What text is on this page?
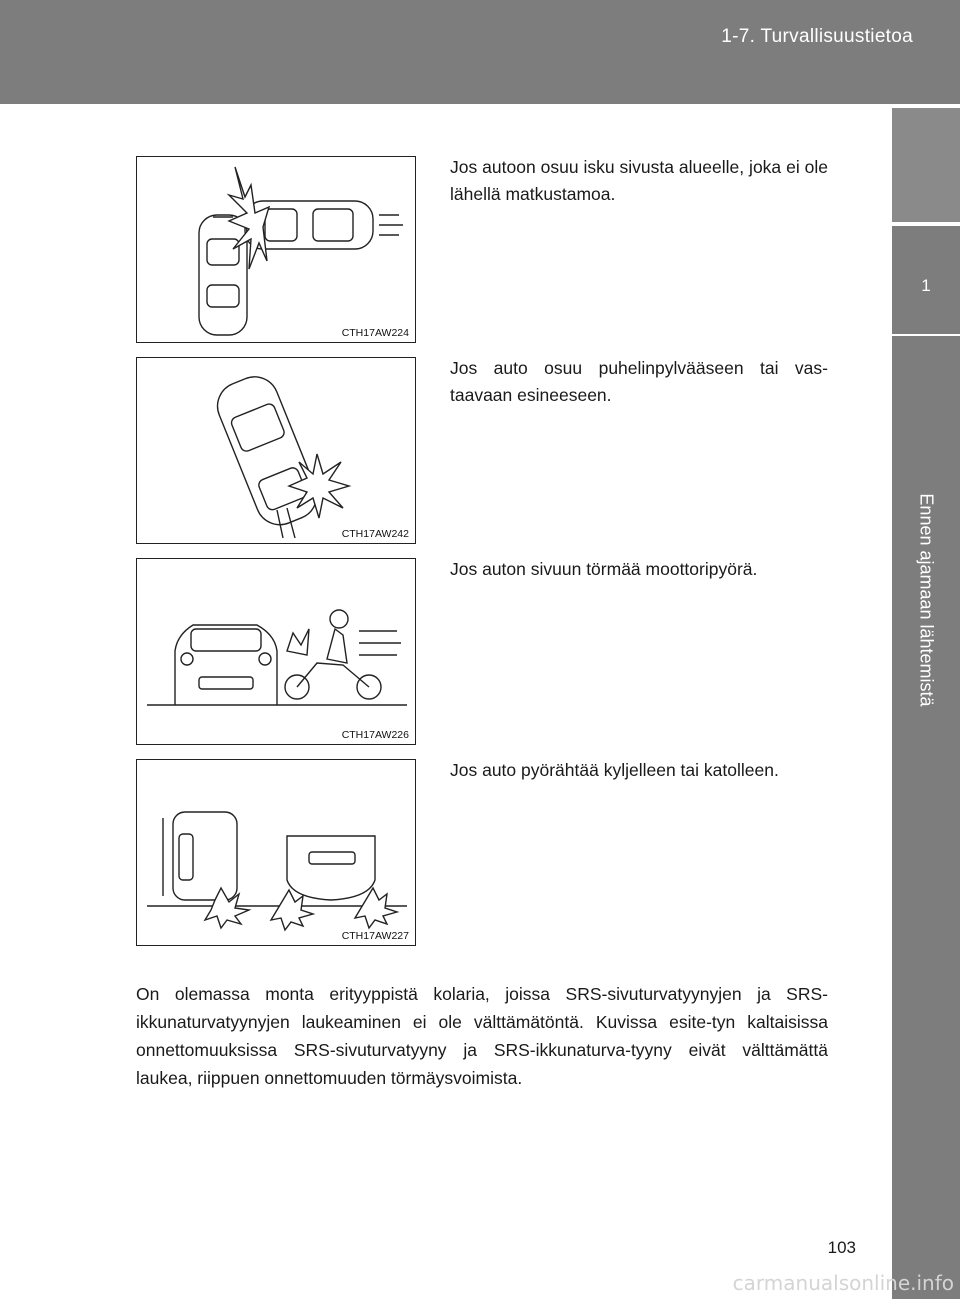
1-7. Turvallisuustietoa
1
Ennen ajamaan lähtemistä
CTH17AW224
Jos autoon osuu isku sivusta alueelle, joka ei ole lähellä matkustamoa.
CTH17AW242
Jos auto osuu puhelinpylvääseen tai vas-taavaan esineeseen.
CTH17AW226
Jos auton sivuun törmää moottoripyörä.
CTH17AW227
Jos auto pyörähtää kyljelleen tai katolleen.
On olemassa monta erityyppistä kolaria, joissa SRS-sivuturvatyynyjen ja SRS-ikkunaturvatyynyjen laukeaminen ei ole välttämätöntä. Kuvissa esite-tyn kaltaisissa onnettomuuksissa SRS-sivuturvatyyny ja SRS-ikkunaturva-tyyny eivät välttämättä laukea, riippuen onnettomuuden törmäysvoimista.
103
carmanualsonline.info
